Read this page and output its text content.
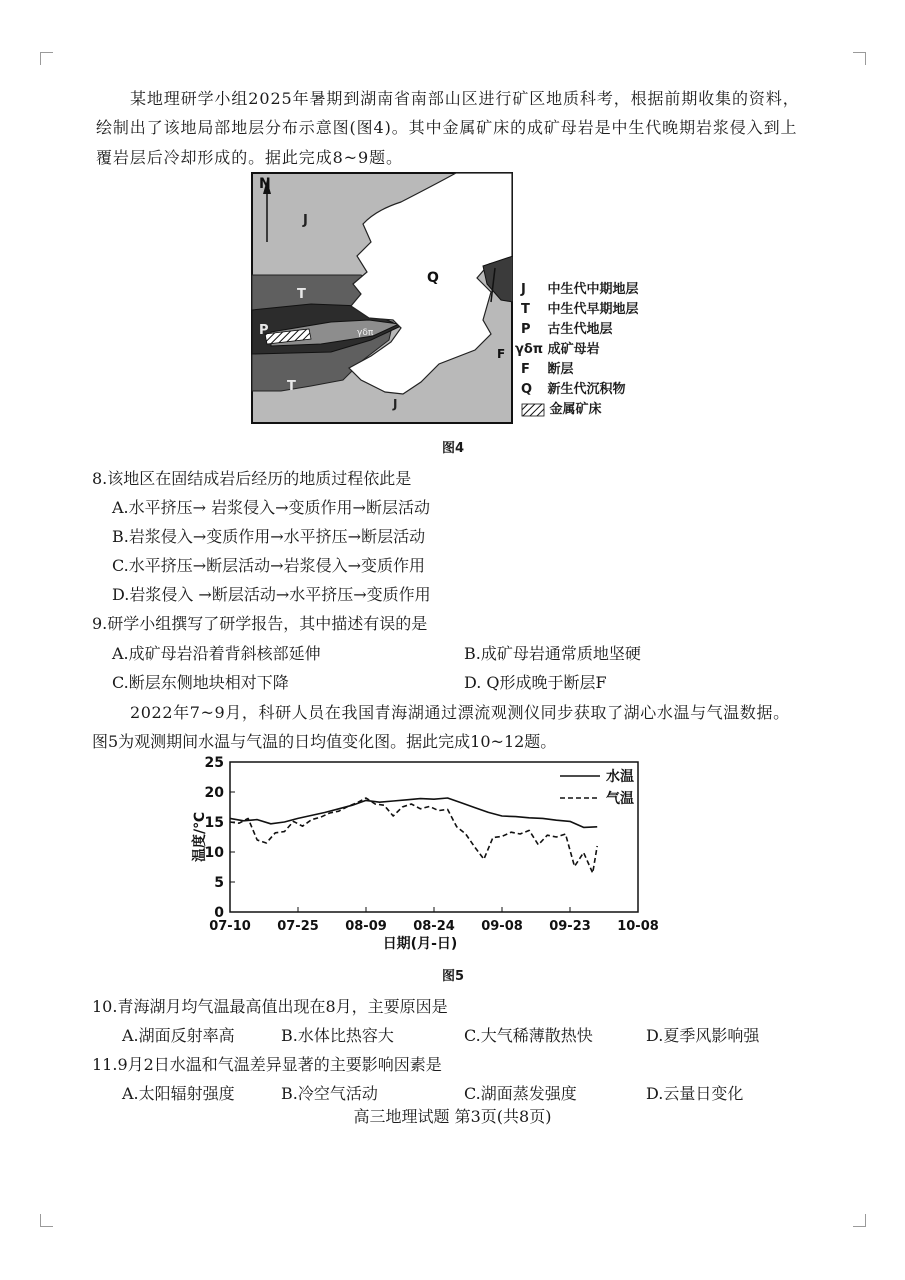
某地理研学小组2025年暑期到湖南省南部山区进行矿区地质科考，根据前期收集的资料，
绘制出了该地局部地层分布示意图(图4)。其中金属矿床的成矿母岩是中生代晚期岩浆侵入到上
覆岩层后冷却形成的。据此完成8~9题。
N
J
Q
T
P	γδπ
T
J
F
J 中生代中期地层
T 中生代早期地层
P 古生代地层
γδπ 成矿母岩
F 断层
Q 新生代沉积物
金属矿床
图4
8.该地区在固结成岩后经历的地质过程依此是
A.水平挤压→ 岩浆侵入→变质作用→断层活动
B.岩浆侵入→变质作用→水平挤压→断层活动
C.水平挤压→断层活动→岩浆侵入→变质作用
D.岩浆侵入 →断层活动→水平挤压→变质作用
9.研学小组撰写了研学报告，其中描述有误的是
A.成矿母岩沿着背斜核部延伸	B.成矿母岩通常质地坚硬
C.断层东侧地块相对下降	D. Q形成晚于断层F
2022年7~9月，科研人员在我国青海湖通过漂流观测仪同步获取了湖心水温与气温数据。
图5为观测期间水温与气温的日均值变化图。据此完成10~12题。
0
5
10
15
20
25
07-10 07-25 08-09 08-24 09-08 09-23 10-08
日期(月-日)
温度/℃
水温
气温
图5
10.青海湖月均气温最高值出现在8月，主要原因是
A.湖面反射率高	B.水体比热容大	C.大气稀薄散热快	D.夏季风影响强
11.9月2日水温和气温差异显著的主要影响因素是
A.太阳辐射强度	B.冷空气活动	C.湖面蒸发强度	D.云量日变化
高三地理试题 第3页(共8页)
